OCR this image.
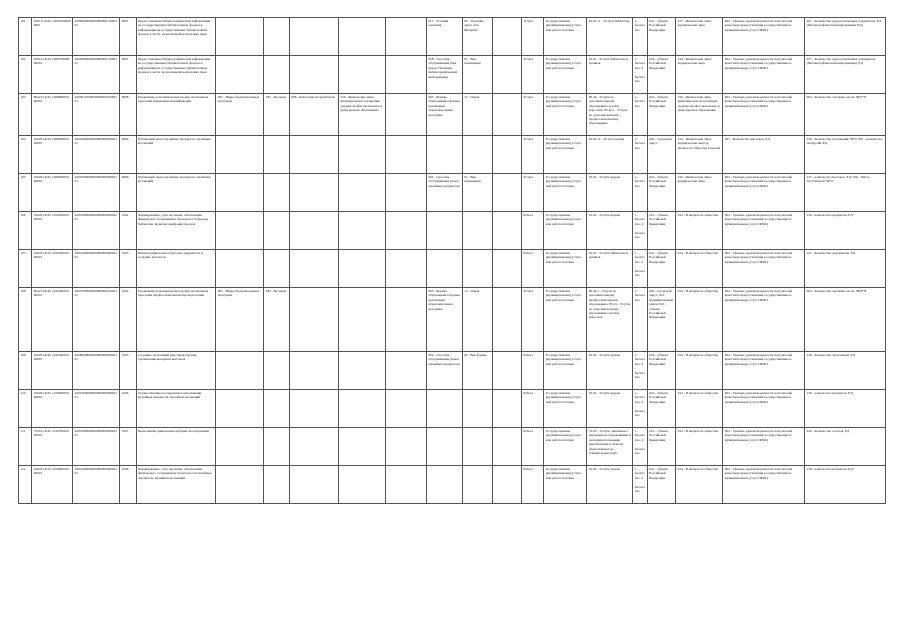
101	910111.Р.45.1.00970009900001	200000000000000000011000301	0097	Предоставление библиографической информации из государственных библиотечных фондов и информации из государственных библиотечных фондов в части, не касающейся авторских прав						017 - Условия оказания	00 - Удаленно через сеть Интернет		Услуга	Государственная (муниципальная) услуга или работа платная	91.01.11 - Услуги библиотек	1 - бесплатно	021 - субъект Российской Федерации	017 - Физические лица; юридические лица	004 - Уровень удовлетворенности получателей качеством предоставления государственных и муниципальных услуг, ПРОЦ	001 - Количество предоставленных документов, ЕД (библиографической информации, ЕД)
102	910101.Р.45.1.00970009900001	200000000000000000011000301	0097	Предоставление библиографической информации из государственных библиотечных фондов и информации из государственных библиотечных фондов в части, не касающейся авторских прав						028 - Способы обслуживания (при предоставлении библиографической информации)	01 - Вне помещения		Услуга	Государственная (муниципальная) услуга или работа платная	91.01 - Услуги библиотек и архивов	1 - бесплатно, 2 - бесплатно	021 - субъект Российской Федерации	019 - Физические лица; юридические лица	004 - Уровень удовлетворенности получателей качеством предоставления государственных и муниципальных услуг, ПРОЦ	037 - Количество предоставленных документов (библиографической информации), ЕД
103	804212.Р.45.1.00980001000001	200001100000000000010000201	0098	Реализация дополнительных профессиональных программ повышения квалификации	005 - Виды образовательных программ	032 - Без вида	008 - Категория потребителей	150 - Физические лица, имеющие или получающие среднее профессиональное и (или) высшее образование		003 - Формы образования и формы реализации образовательных программ	13 - Очная		Услуга	Государственная (муниципальная) услуга или работа платная	85.42 - Услуги по дополнительному образованию детей и взрослых; 85.42.1 - Услуги по дополнительному профессиональному образованию	1 - бесплатно	021 - субъект Российской Федерации	019 - Физические лица, имеющие или получающие среднее профессиональное и (или) высшее образование	004 - Уровень удовлетворенности получателей качеством предоставления государственных и муниципальных услуг, ПРОЦ	004 - Количество человеко-часов, ЧЕЛ*Ч
104	910201.Р.45.1.00990001000001	200020000000000000000000101	0099	Публичный показ музейных предметов, музейных коллекций									Услуга	Государственная (муниципальная) услуга или работа платная	91.02.11 - Услуги музеев	2 - бесплатно	022 - городской округ	014 - Физические лица; юридические лица (в интересах общества в целом)	007 - Количество выставок, ЕД	259 - Количество посещений, ЧЕЛ; 001 - количество экскурсий, ЕД
105	910201.Р.45.1.00990001000001	200020000000000000000000101	0099	Публичный показ музейных предметов, музейных коллекций						002 - Способы обслуживания (показ музейных предметов)	01 - Вне помещения		Услуга	Государственная (муниципальная) услуга или работа платная	91.02 - Услуги музеев	1 - бесплатно	021 - субъект Российской Федерации	019 - Физические лица; юридические лица	004 - Уровень удовлетворенности получателей качеством предоставления государственных и муниципальных услуг, ПРОЦ	137 - количество выставок, ЕД; 236 - Число посетителей, ЧЕЛ
106	910201.Р.45.1.01020001000001	200010000000000000000000201	0102	Формирование, учет, изучение, обеспечение физического сохранения и безопасности фондов библиотек, включая оцифровку фондов									Работа	Государственная (муниципальная) услуга или работа платная	91.02 - Услуги музеев	1 - бесплатно, 2 - бесплатно	021 - субъект Российской Федерации	014 - В интересах общества	004 - Уровень удовлетворенности получателей качеством предоставления государственных и муниципальных услуг, ПРОЦ	139 - количество предметов, ЕД
107	910201.Р.45.1.01030001000001	200010000000000000000000101	0103	Библиографическая обработка документов и создание каталогов									Работа	Государственная (муниципальная) услуга или работа платная	91.01 - Услуги библиотек и архивов	1 - бесплатно, 2 - бесплатно	021 - субъект Российской Федерации	014 - В интересах общества	004 - Уровень удовлетворенности получателей качеством предоставления государственных и муниципальных услуг, ПРОЦ	121 - Количество документов, ЕД
108	804212.Р.45.1.01040001000001	200070000000000000010000101	0104	Реализация дополнительных профессиональных программ профессиональной переподготовки	005 - Виды образовательных программ	032 - Без вида				003 - Формы образования и формы реализации образовательных программ	13 - Очная		Услуга	Государственная (муниципальная) услуга или работа платная	85.42.1 - Услуги по дополнительному профессиональному образованию; 85.41 - Услуги по дополнительному образованию детей и взрослых	1 - бесплатно	022 - городской округ; 023 - муниципальный район; 021 - субъект Российской Федерации	014 - В интересах общества	004 - Уровень удовлетворенности получателей качеством предоставления государственных и муниципальных услуг, ПРОЦ	004 - Количество человеко-часов, ЧЕЛ*Ч
109	910201.Р.45.1.01050001000001	200800000000000000000000101	0105	Создание экспозиций (выставок) музеев, организация выездных выставок						002 - Способы обслуживания (показ музейных предметов)	02 - Вне формы		Работа	Государственная (муниципальная) услуга или работа платная	91.02 - Услуги музеев	1 - бесплатно, 2 - бесплатно	021 - субъект Российской Федерации	014 - В интересах общества	004 - Уровень удовлетворенности получателей качеством предоставления государственных и муниципальных услуг, ПРОЦ	138 - Количество экспозиций, ЕД
110	910201.Р.45.1.01060001000001	200010000000000000000000101	0106	Осуществление реставрации и консервации музейных предметов, музейных коллекций									Работа	Государственная (муниципальная) услуга или работа платная	91.02 - Услуги музеев	1 - бесплатно, 2 - бесплатно	021 - субъект Российской Федерации	014 - В интересах общества	004 - Уровень удовлетворенности получателей качеством предоставления государственных и муниципальных услуг, ПРОЦ	139 - количество предметов, ЕД
111	722011.Р.45.1.01070001000001	200010000000000000000000101	0107	Выполнение прикладных научных исследований									Работа	Государственная (муниципальная) услуга или работа платная	72.20 - Услуги, связанные с научными исследованиями и экспериментальными разработками в области общественных и гуманитарных наук	1 - бесплатно, 2 - бесплатно	021 - субъект Российской Федерации	014 - В интересах общества	004 - Уровень удовлетворенности получателей качеством предоставления государственных и муниципальных услуг, ПРОЦ	042 - Количество отчетов, ЕД
112	910201.Р.45.1.01080001000001	200010000000000000000000101	0108	Формирование, учет, изучение, обеспечение физического сохранения и безопасности музейных предметов, музейных коллекций									Работа	Государственная (муниципальная) услуга или работа платная	91.02 - Услуги музеев	1 - бесплатно, 2 - бесплатно	021 - субъект Российской Федерации	014 - В интересах общества	004 - Уровень удовлетворенности получателей качеством предоставления государственных и муниципальных услуг, ПРОЦ	139 - количество предметов, ЕД
